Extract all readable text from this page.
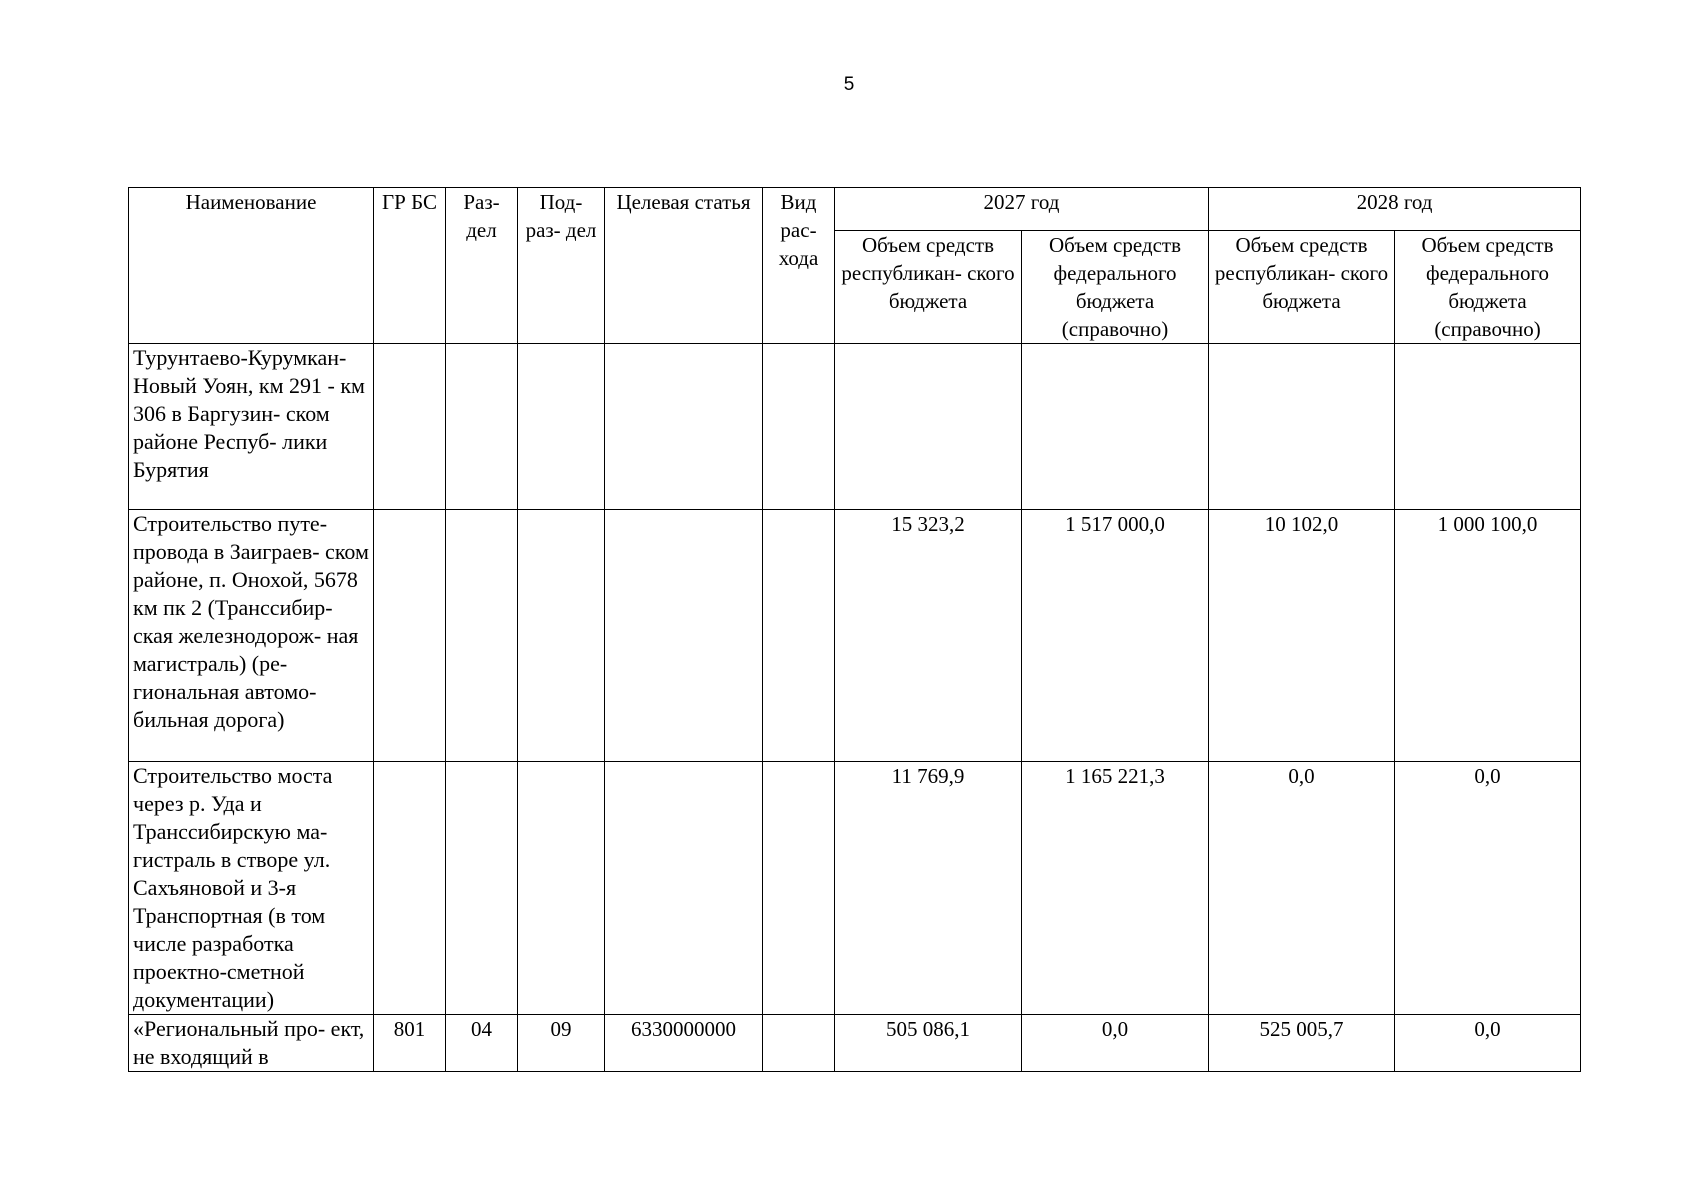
5
Наименование	ГР БС	Раз- дел	Под- раз- дел	Целевая статья	Вид рас- хода	2027 год		2028 год	
						Объем средств республикан- ского бюджета	Объем средств федерального бюджета (справочно)	Объем средств республикан- ского бюджета	Объем средств федерального бюджета (справочно)
Турунтаево-Курумкан-Новый Уоян, км 291 - км 306 в Баргузин- ском районе Респуб- лики Бурятия									
Строительство путе- провода в Заиграев- ском районе, п. Онохой, 5678 км пк 2 (Транссибир- ская железнодорож- ная магистраль) (ре- гиональная автомо- бильная дорога)						15 323,2	1 517 000,0	10 102,0	1 000 100,0
Строительство моста через р. Уда и Транссибирскую ма- гистраль в створе ул. Сахъяновой и 3-я Транспортная (в том числе разработка проектно-сметной документации)						11 769,9	1 165 221,3	0,0	0,0
«Региональный про- ект, не входящий в	801	04	09	6330000000		505 086,1	0,0	525 005,7	0,0
